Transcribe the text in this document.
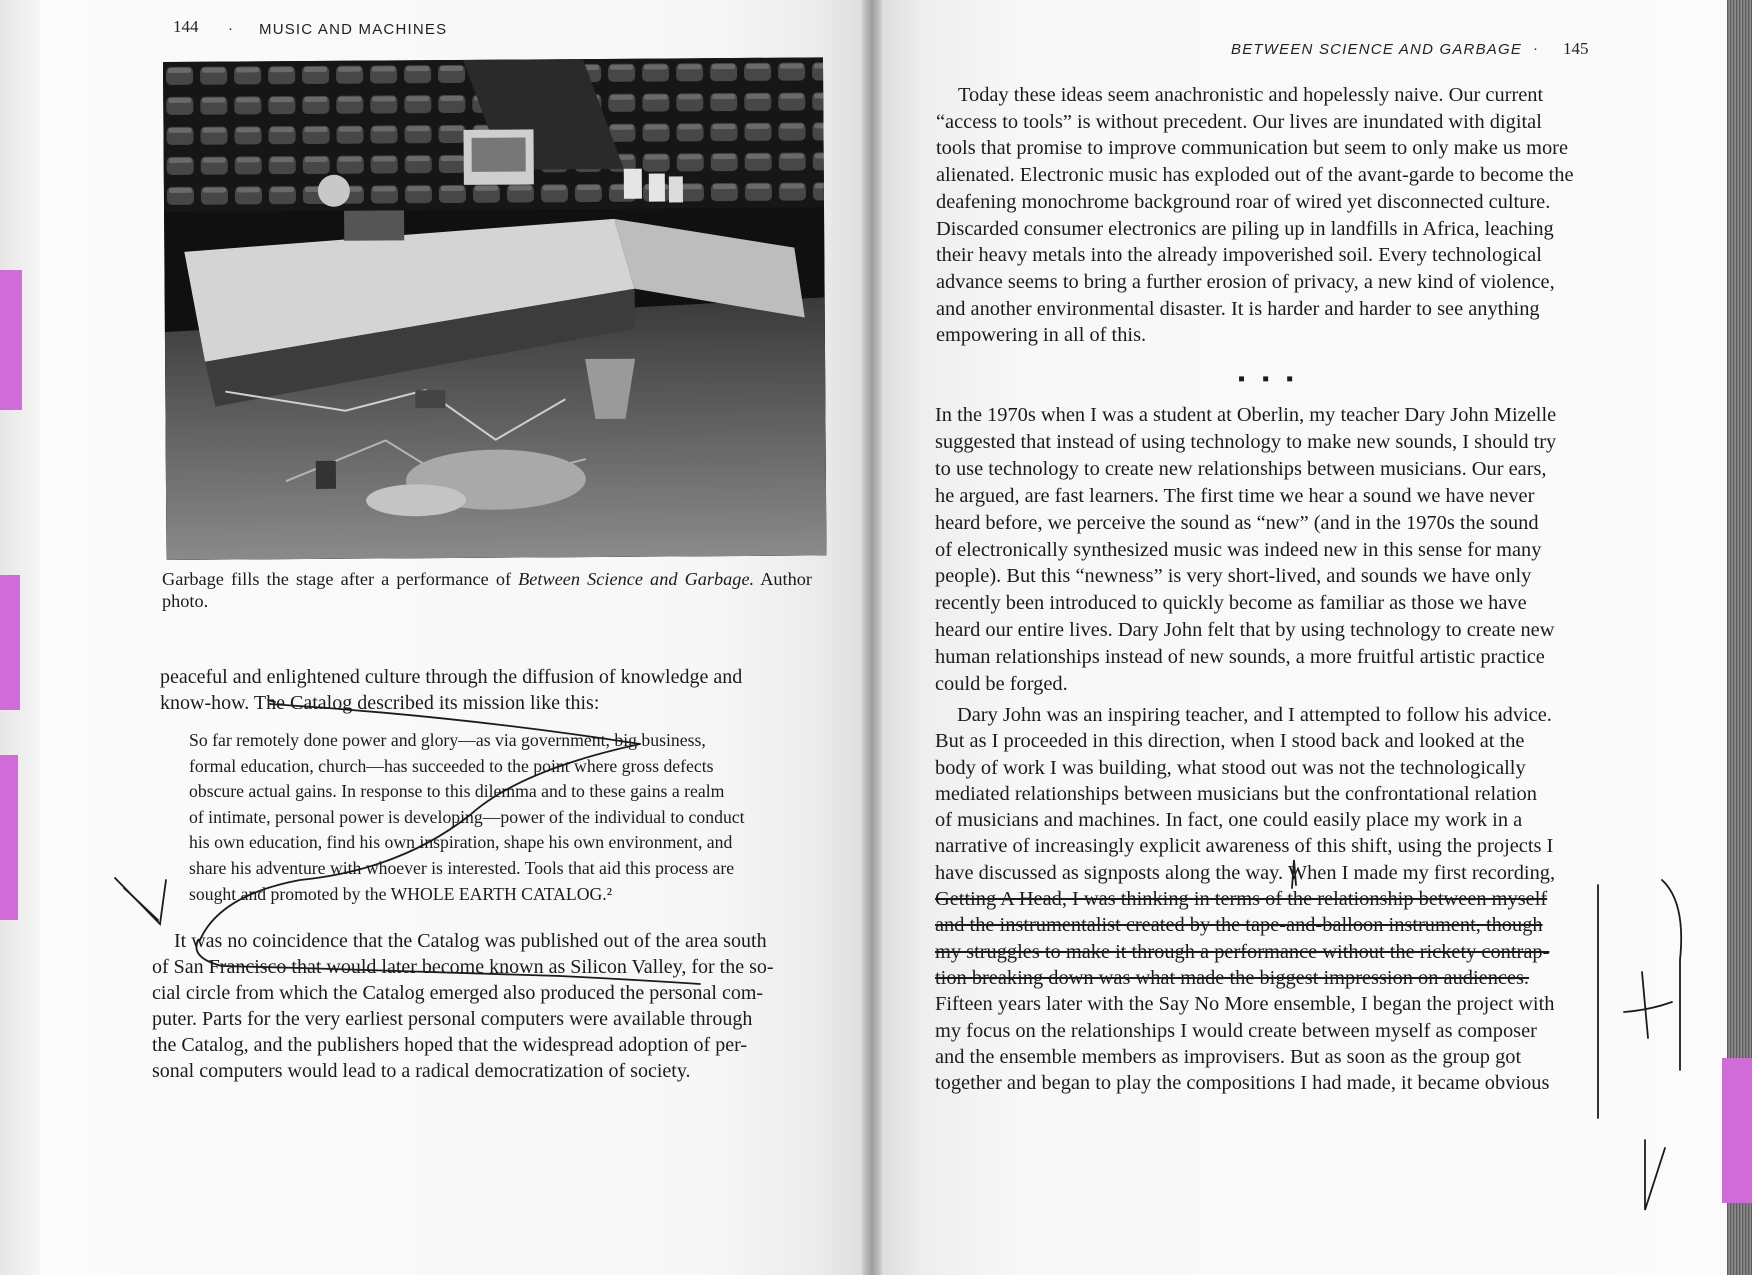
144 · MUSIC AND MACHINES
Garbage fills the stage after a performance of Between Science and Garbage. Author photo.
peaceful and enlightened culture through the diffusion of knowledge and
know-how. The Catalog described its mission like this:
So far remotely done power and glory—as via government, big business,
formal education, church—has succeeded to the point where gross defects
obscure actual gains. In response to this dilemma and to these gains a realm
of intimate, personal power is developing—power of the individual to conduct
his own education, find his own inspiration, shape his own environment, and
share his adventure with whoever is interested. Tools that aid this process are
sought and promoted by the WHOLE EARTH CATALOG.²
It was no coincidence that the Catalog was published out of the area south
of San Francisco that would later become known as Silicon Valley, for the so-
cial circle from which the Catalog emerged also produced the personal com-
puter. Parts for the very earliest personal computers were available through
the Catalog, and the publishers hoped that the widespread adoption of per-
sonal computers would lead to a radical democratization of society.
BETWEEN SCIENCE AND GARBAGE · 145
Today these ideas seem anachronistic and hopelessly naive. Our current
“access to tools” is without precedent. Our lives are inundated with digital
tools that promise to improve communication but seem to only make us more
alienated. Electronic music has exploded out of the avant-garde to become the
deafening monochrome background roar of wired yet disconnected culture.
Discarded consumer electronics are piling up in landfills in Africa, leaching
their heavy metals into the already impoverished soil. Every technological
advance seems to bring a further erosion of privacy, a new kind of violence,
and another environmental disaster. It is harder and harder to see anything
empowering in all of this.
▪ ▪ ▪
In the 1970s when I was a student at Oberlin, my teacher Dary John Mizelle
suggested that instead of using technology to make new sounds, I should try
to use technology to create new relationships between musicians. Our ears,
he argued, are fast learners. The first time we hear a sound we have never
heard before, we perceive the sound as “new” (and in the 1970s the sound
of electronically synthesized music was indeed new in this sense for many
people). But this “newness” is very short-lived, and sounds we have only
recently been introduced to quickly become as familiar as those we have
heard our entire lives. Dary John felt that by using technology to create new
human relationships instead of new sounds, a more fruitful artistic practice
could be forged.
Dary John was an inspiring teacher, and I attempted to follow his advice.
But as I proceeded in this direction, when I stood back and looked at the
body of work I was building, what stood out was not the technologically
mediated relationships between musicians but the confrontational relation
of musicians and machines. In fact, one could easily place my work in a
narrative of increasingly explicit awareness of this shift, using the projects I
have discussed as signposts along the way. When I made my first recording,
Getting A Head, I was thinking in terms of the relationship between myself
and the instrumentalist created by the tape-and-balloon instrument, though
my struggles to make it through a performance without the rickety contrap-
tion breaking down was what made the biggest impression on audiences.
Fifteen years later with the Say No More ensemble, I began the project with
my focus on the relationships I would create between myself as composer
and the ensemble members as improvisers. But as soon as the group got
together and began to play the compositions I had made, it became obvious
